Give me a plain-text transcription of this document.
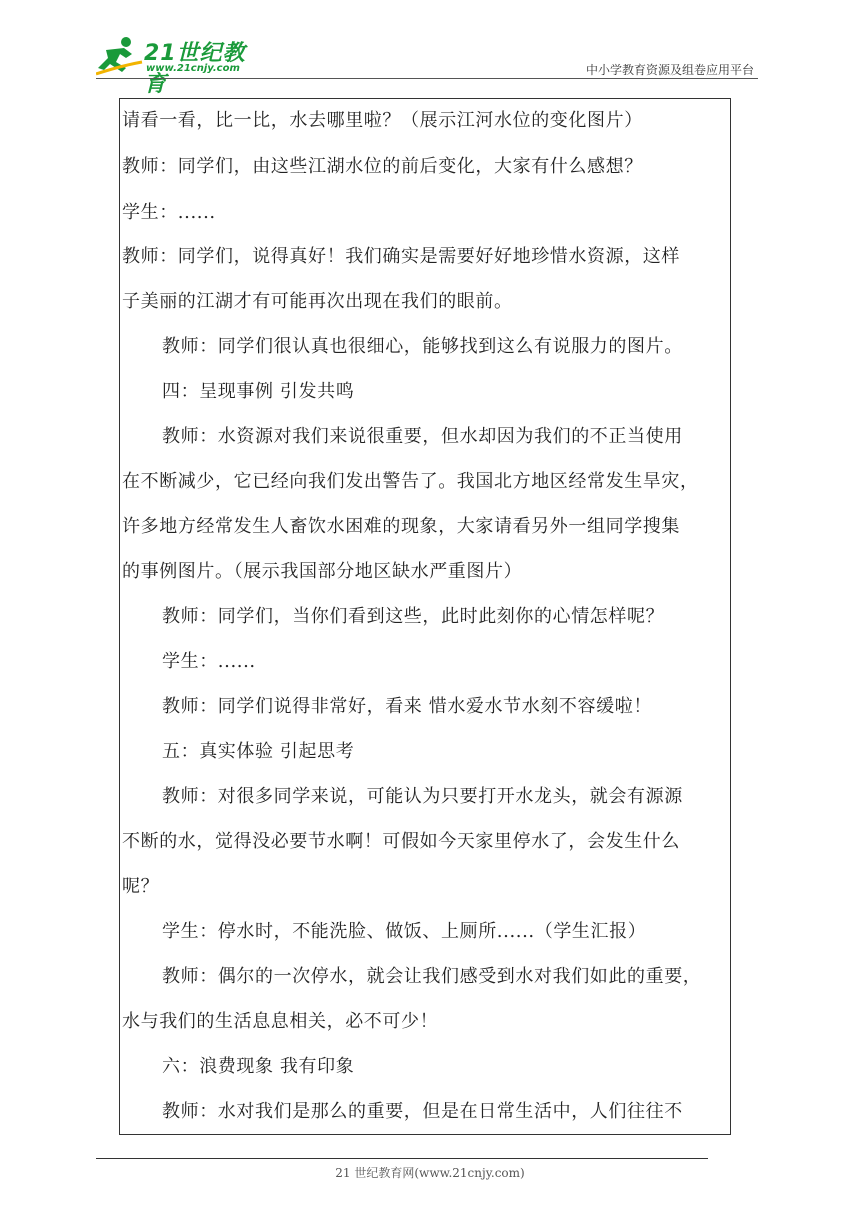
21世纪教育
www.21cnjy.com	中小学教育资源及组卷应用平台
请看一看，比一比，水去哪里啦？（展示江河水位的变化图片）
教师：同学们，由这些江湖水位的前后变化，大家有什么感想？
学生：......
教师：同学们，说得真好！我们确实是需要好好地珍惜水资源，这样
子美丽的江湖才有可能再次出现在我们的眼前。
教师：同学们很认真也很细心，能够找到这么有说服力的图片。
四：呈现事例 引发共鸣
教师：水资源对我们来说很重要，但水却因为我们的不正当使用
在不断减少，它已经向我们发出警告了。我国北方地区经常发生旱灾，
许多地方经常发生人畜饮水困难的现象，大家请看另外一组同学搜集
的事例图片。（展示我国部分地区缺水严重图片）
教师：同学们，当你们看到这些，此时此刻你的心情怎样呢？
学生：......
教师：同学们说得非常好，看来 惜水爱水节水刻不容缓啦！
五：真实体验 引起思考
教师：对很多同学来说，可能认为只要打开水龙头，就会有源源
不断的水，觉得没必要节水啊！可假如今天家里停水了，会发生什么
呢？
学生：停水时，不能洗脸、做饭、上厕所......（学生汇报）
教师：偶尔的一次停水，就会让我们感受到水对我们如此的重要，
水与我们的生活息息相关，必不可少！
六：浪费现象 我有印象
教师：水对我们是那么的重要，但是在日常生活中，人们往往不
21 世纪教育网(www.21cnjy.com)
